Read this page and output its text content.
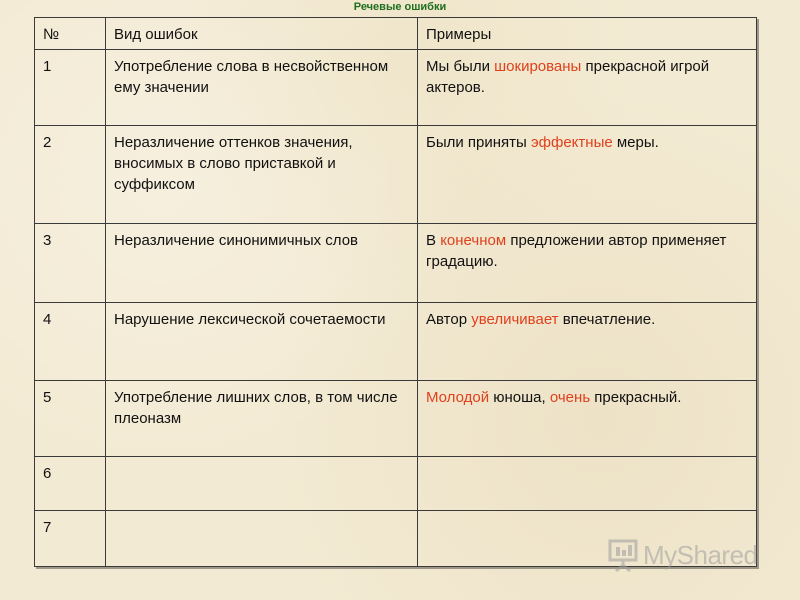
Речевые ошибки
№	Вид ошибок	Примеры
1	Употребление слова в несвойственном ему значении	Мы были шокированы прекрасной игрой актеров.
2	Неразличение оттенков значения, вносимых в слово приставкой и суффиксом	Были приняты эффектные меры.
3	Неразличение синонимичных слов	В конечном предложении автор применяет градацию.
4	Нарушение лексической сочетаемости	Автор увеличивает впечатление.
5	Употребление лишних слов, в том числе плеоназм	Молодой юноша, очень прекрасный.
6		
7		
MyShared
